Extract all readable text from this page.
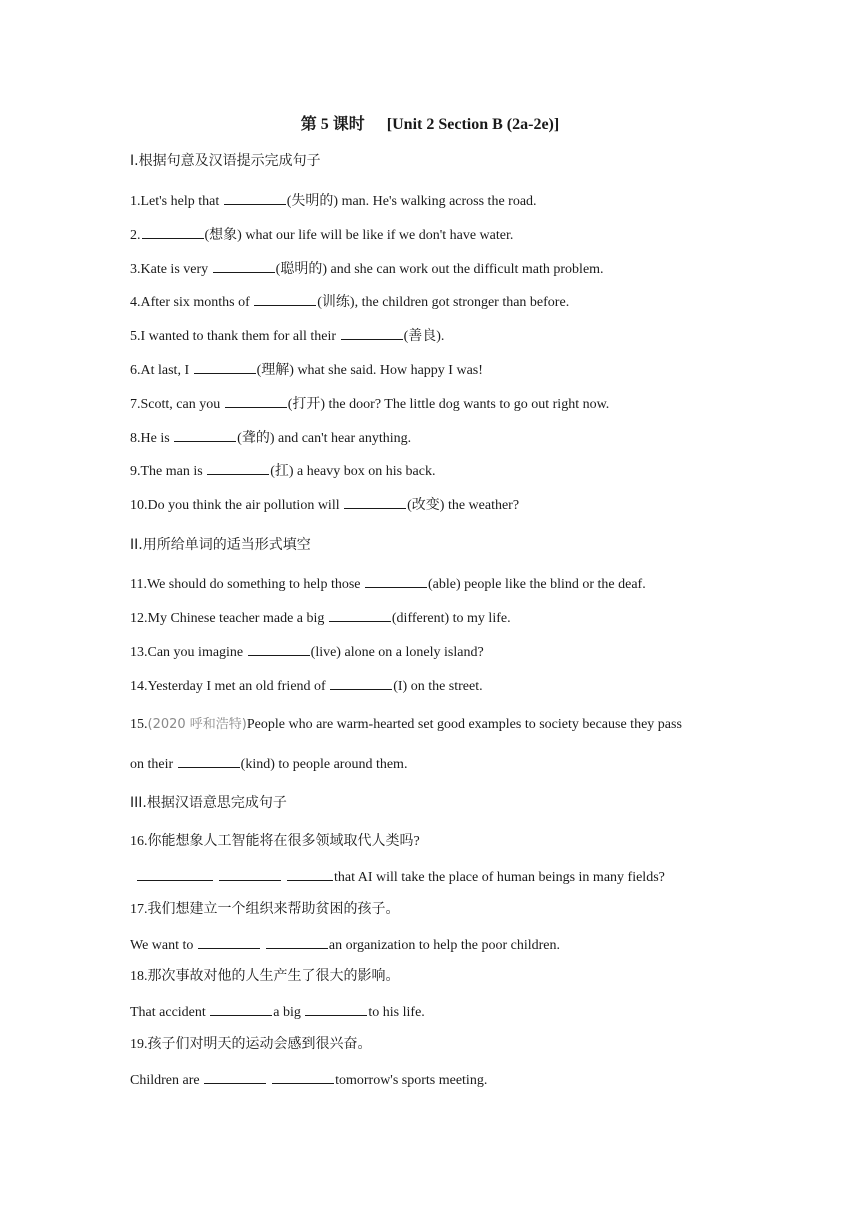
第 5 课时 [Unit 2 Section B (2a-2e)]
I.根据句意及汉语提示完成句子
1.Let's help that	(失明的) man. He's walking across the road.
2.	(想象) what our life will be like if we don't have water.
3.Kate is very	(聪明的) and she can work out the difficult math problem.
4.After six months of	(训练), the children got stronger than before.
5.I wanted to thank them for all their	(善良).
6.At last, I	(理解) what she said. How happy I was!
7.Scott, can you	(打开) the door? The little dog wants to go out right now.
8.He is	(聋的) and can't hear anything.
9.The man is	(扛) a heavy box on his back.
10.Do you think the air pollution will	(改变) the weather?
II.用所给单词的适当形式填空
11.We should do something to help those	(able) people like the blind or the deaf.
12.My Chinese teacher made a big	(different) to my life.
13.Can you imagine	(live) alone on a lonely island?
14.Yesterday I met an old friend of	(I) on the street.
15.(2020 呼和浩特)People who are warm-hearted set good examples to society because they pass
on their	(kind) to people around them.
III.根据汉语意思完成句子
16.你能想象人工智能将在很多领域取代人类吗?
that AI will take the place of human beings in many fields?
17.我们想建立一个组织来帮助贫困的孩子。
We want to	an organization to help the poor children.
18.那次事故对他的人生产生了很大的影响。
That accident	a big	to his life.
19.孩子们对明天的运动会感到很兴奋。
Children are	tomorrow's sports meeting.
